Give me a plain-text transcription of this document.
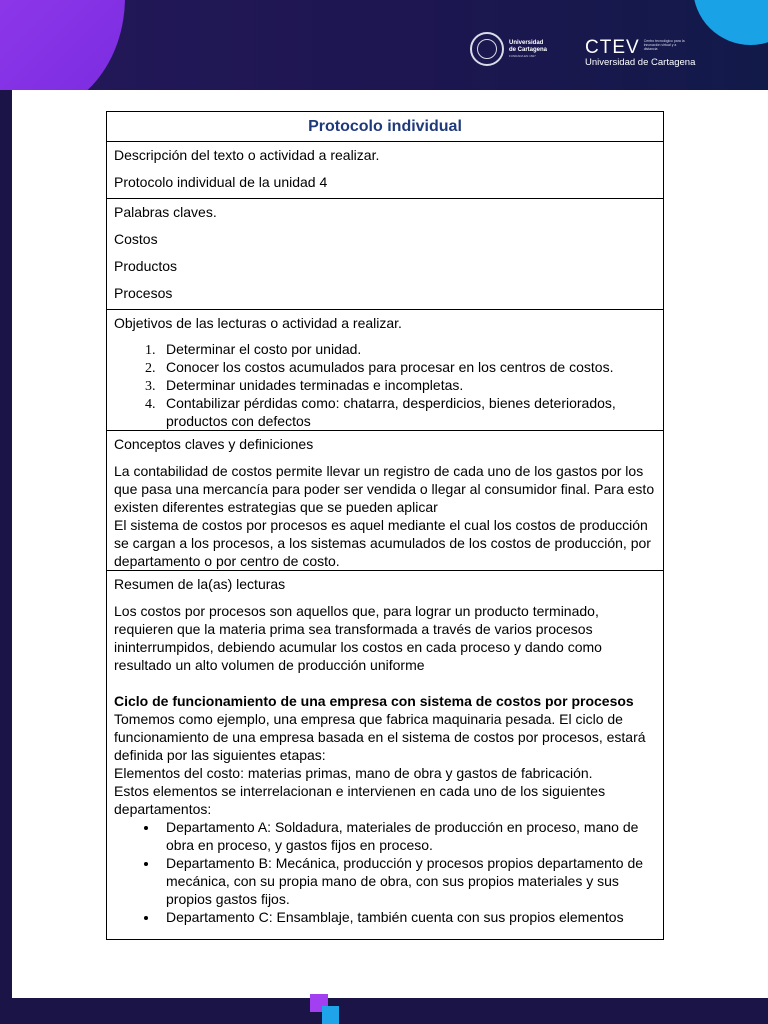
Universidad de Cartagena
FUNDADA EN 1827	CTEV Centro tecnológico para la innovación virtual y a distancia
Universidad de Cartagena
Protocolo individual

Descripción del texto o actividad a realizar.

Protocolo individual de la unidad 4

Palabras claves.

Costos

Productos

Procesos

Objetivos de las lecturas o actividad a realizar.

1. Determinar el costo por unidad.
2. Conocer los costos acumulados para procesar en los centros de costos.
3. Determinar unidades terminadas e incompletas.
4. Contabilizar pérdidas como: chatarra, desperdicios, bienes deteriorados, productos con defectos

Conceptos claves y definiciones

La contabilidad de costos permite llevar un registro de cada uno de los gastos por los que pasa una mercancía para poder ser vendida o llegar al consumidor final. Para esto existen diferentes estrategias que se pueden aplicar

El sistema de costos por procesos es aquel mediante el cual los costos de producción se cargan a los procesos, a los sistemas acumulados de los costos de producción, por departamento o por centro de costo.

Resumen de la(as) lecturas

Los costos por procesos son aquellos que, para lograr un producto terminado, requieren que la materia prima sea transformada a través de varios procesos ininterrumpidos, debiendo acumular los costos en cada proceso y dando como resultado un alto volumen de producción uniforme

Ciclo de funcionamiento de una empresa con sistema de costos por procesos

Tomemos como ejemplo, una empresa que fabrica maquinaria pesada. El ciclo de funcionamiento de una empresa basada en el sistema de costos por procesos, estará definida por las siguientes etapas:

Elementos del costo: materias primas, mano de obra y gastos de fabricación.

Estos elementos se interrelacionan e intervienen en cada uno de los siguientes departamentos:

• Departamento A: Soldadura, materiales de producción en proceso, mano de obra en proceso, y gastos fijos en proceso.
• Departamento B: Mecánica, producción y procesos propios departamento de mecánica, con su propia mano de obra, con sus propios materiales y sus propios gastos fijos.
• Departamento C: Ensamblaje, también cuenta con sus propios elementos
